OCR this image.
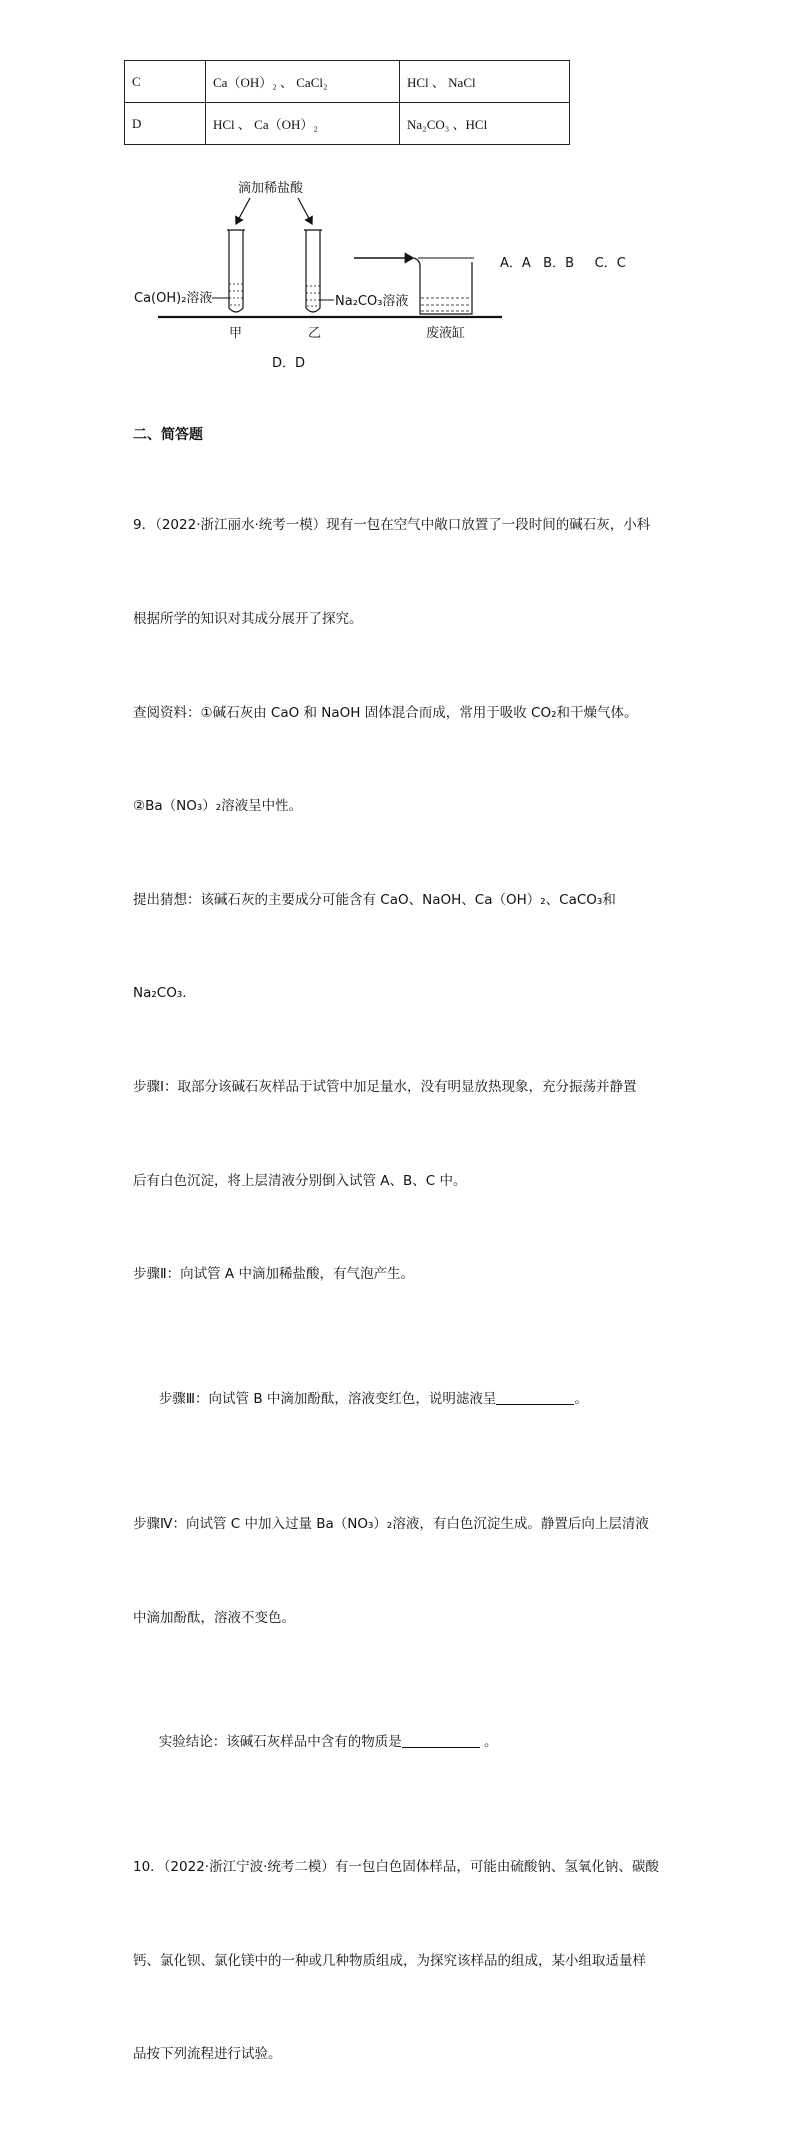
C	Ca（OH）₂ 、 CaCl₂	HCl 、 NaCl
D	HCl 、 Ca（OH）₂	Na₂CO₃ 、HCl
滴加稀盐酸
Ca(OH)₂溶液	Na₂CO₃溶液
甲	乙	废液缸
A．A   B．B     C．C
D．D
二、简答题

9．（2022·浙江丽水·统考一模）现有一包在空气中敞口放置了一段时间的碱石灰，小科

根据所学的知识对其成分展开了探究。

查阅资料：①碱石灰由 CaO 和 NaOH 固体混合而成，常用于吸收 CO₂和干燥气体。

②Ba（NO₃）₂溶液呈中性。

提出猜想：该碱石灰的主要成分可能含有 CaO、NaOH、Ca（OH）₂、CaCO₃和

Na₂CO₃.

步骤Ⅰ：取部分该碱石灰样品于试管中加足量水，没有明显放热现象，充分振荡并静置

后有白色沉淀，将上层清液分别倒入试管 A、B、C 中。

步骤Ⅱ：向试管 A 中滴加稀盐酸，有气泡产生。

步骤Ⅲ：向试管 B 中滴加酚酞，溶液变红色，说明滤液呈	。

步骤Ⅳ：向试管 C 中加入过量 Ba（NO₃）₂溶液，有白色沉淀生成。静置后向上层清液

中滴加酚酞，溶液不变色。

实验结论：该碱石灰样品中含有的物质是	。

10．（2022·浙江宁波·统考二模）有一包白色固体样品，可能由硫酸钠、氢氧化钠、碳酸

钙、氯化钡、氯化镁中的一种或几种物质组成，为探究该样品的组成，某小组取适量样

品按下列流程进行试验。
